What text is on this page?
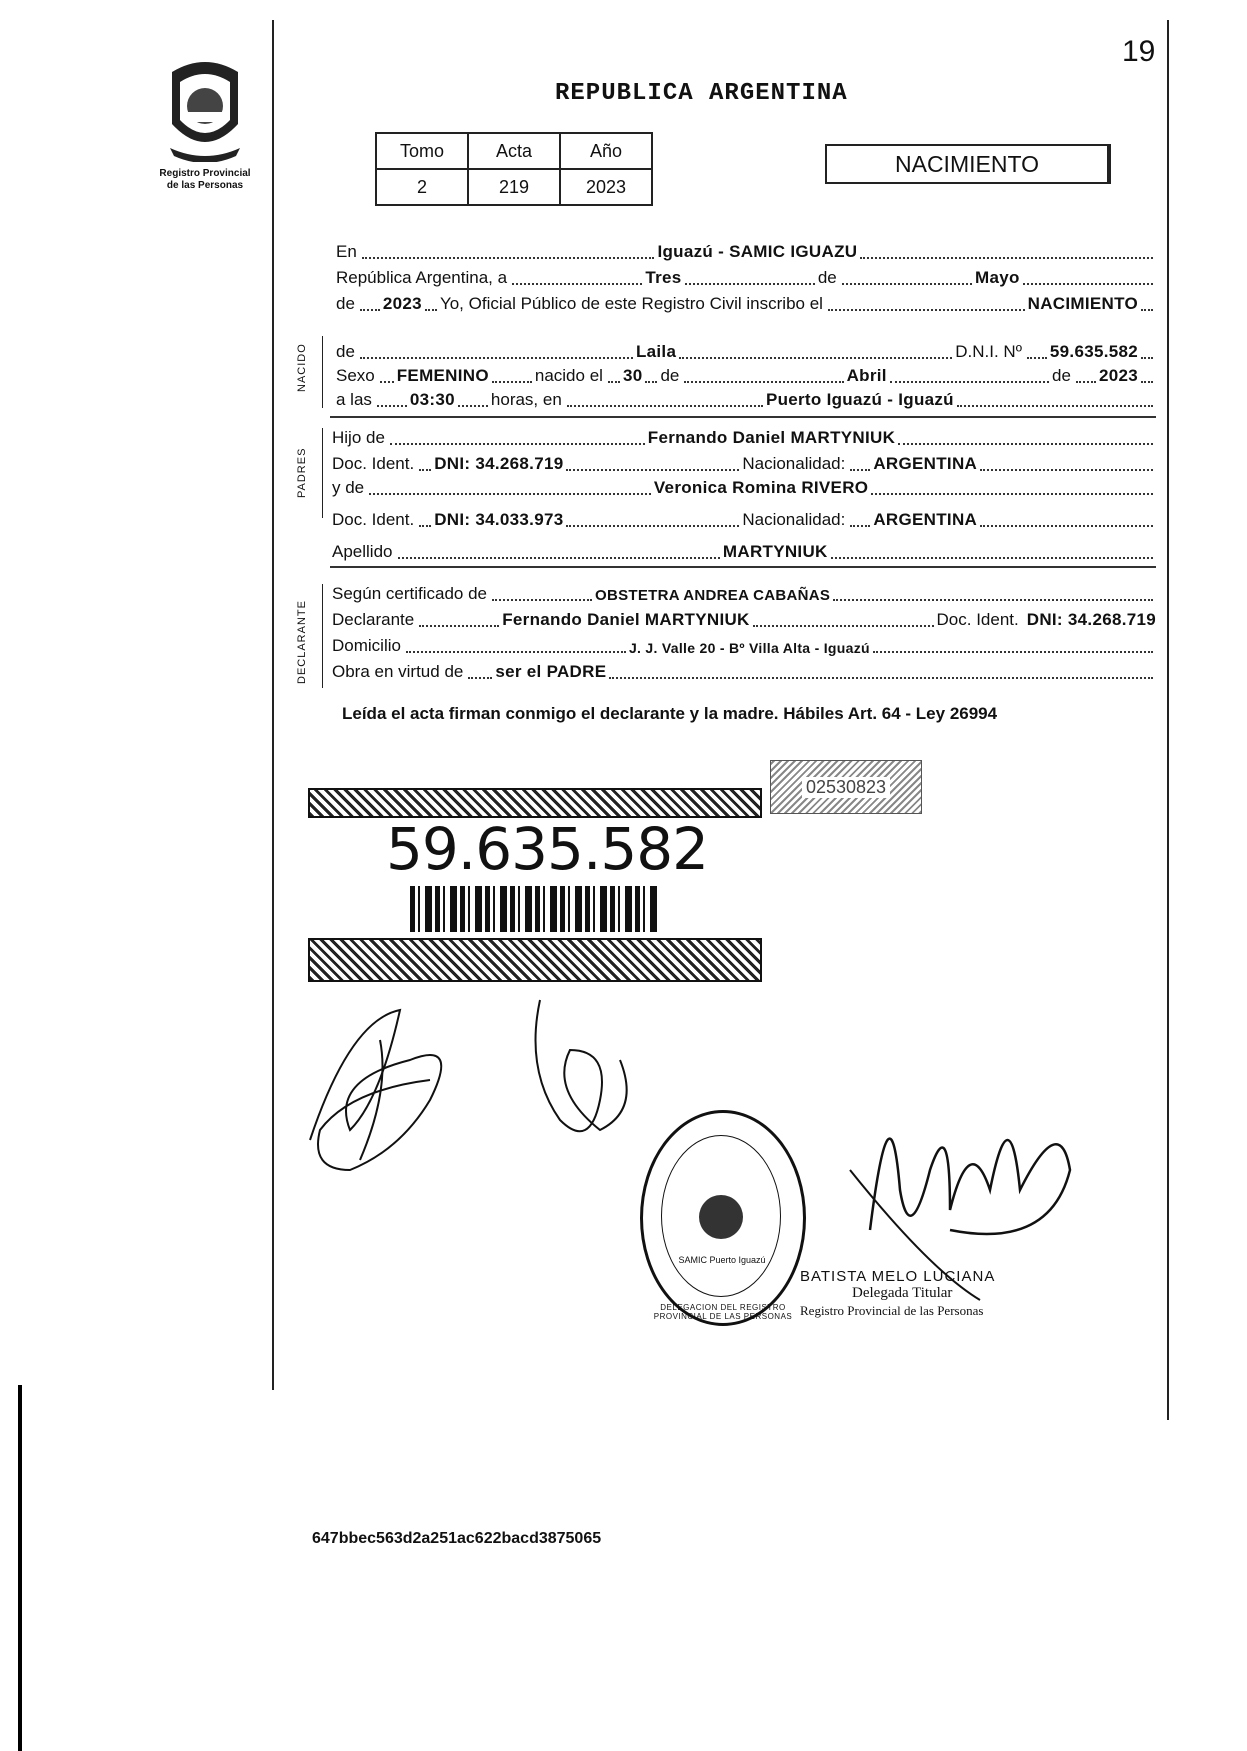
19
Registro Provincial
de las Personas
REPUBLICA ARGENTINA
Tomo	Acta	Año
2	219	2023
NACIMIENTO
NACIDO
PADRES
DECLARANTE
En	Iguazú - SAMIC IGUAZU
República Argentina, a	Tres	de	Mayo
de 2023 Yo, Oficial Público de este Registro Civil inscribo el	NACIMIENTO
de	Laila	D.N.I. Nº 59.635.582
Sexo FEMENINO	nacido el 30 de	Abril	de 2023
a las 03:30 horas, en	Puerto Iguazú - Iguazú
Hijo de	Fernando Daniel MARTYNIUK
Doc. Ident. DNI: 34.268.719	Nacionalidad: ARGENTINA
y de	Veronica Romina RIVERO
Doc. Ident. DNI: 34.033.973	Nacionalidad: ARGENTINA
Apellido	MARTYNIUK
Según certificado de	OBSTETRA ANDREA CABAÑAS
Declarante	Fernando Daniel MARTYNIUK	Doc. Ident. DNI: 34.268.719
Domicilio	J. J. Valle 20 - Bº Villa Alta - Iguazú
Obra en virtud de ser el PADRE
Leída el acta firman conmigo el declarante y la madre. Hábiles Art. 64 - Ley 26994
02530823
59.635.582
DELEGACION DEL REGISTRO PROVINCIAL DE LAS PERSONAS
SAMIC Puerto Iguazú
BATISTA MELO LUCIANA
Delegada Titular
Registro Provincial de las Personas
647bbec563d2a251ac622bacd3875065
